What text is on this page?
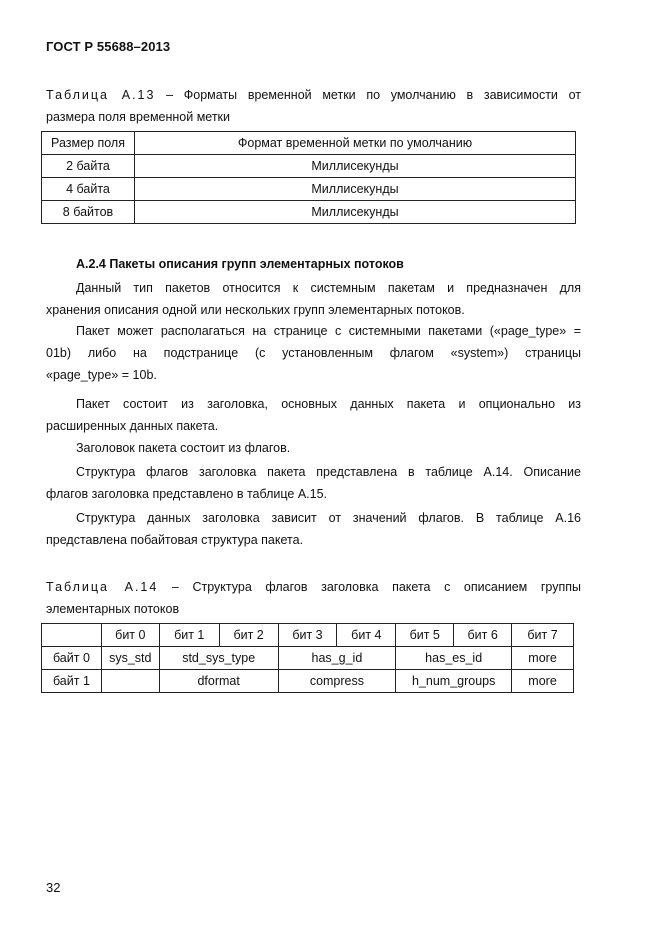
ГОСТ Р 55688–2013
Таблица А.13 – Форматы временной метки по умолчанию в зависимости от
размера поля временной метки
Размер поля	Формат временной метки по умолчанию
2 байта	Миллисекунды
4 байта	Миллисекунды
8 байтов	Миллисекунды
А.2.4 Пакеты описания групп элементарных потоков
Данный тип пакетов относится к системным пакетам и предназначен для
хранения описания одной или нескольких групп элементарных потоков.
Пакет может располагаться на странице с системными пакетами («page_type» =
01b) либо на подстранице (с установленным флагом «system») страницы
«page_type» = 10b.
Пакет состоит из заголовка, основных данных пакета и опционально из
расширенных данных пакета.
Заголовок пакета состоит из флагов.
Структура флагов заголовка пакета представлена в таблице А.14. Описание
флагов заголовка представлено в таблице А.15.
Структура данных заголовка зависит от значений флагов. В таблице А.16
представлена побайтовая структура пакета.
Таблица А.14 – Структура флагов заголовка пакета с описанием группы
элементарных потоков
	бит 0	бит 1	бит 2	бит 3	бит 4	бит 5	бит 6	бит 7
байт 0	sys_std	std_sys_type		has_g_id		has_es_id		more
байт 1		dformat		compress		h_num_groups		more
32
